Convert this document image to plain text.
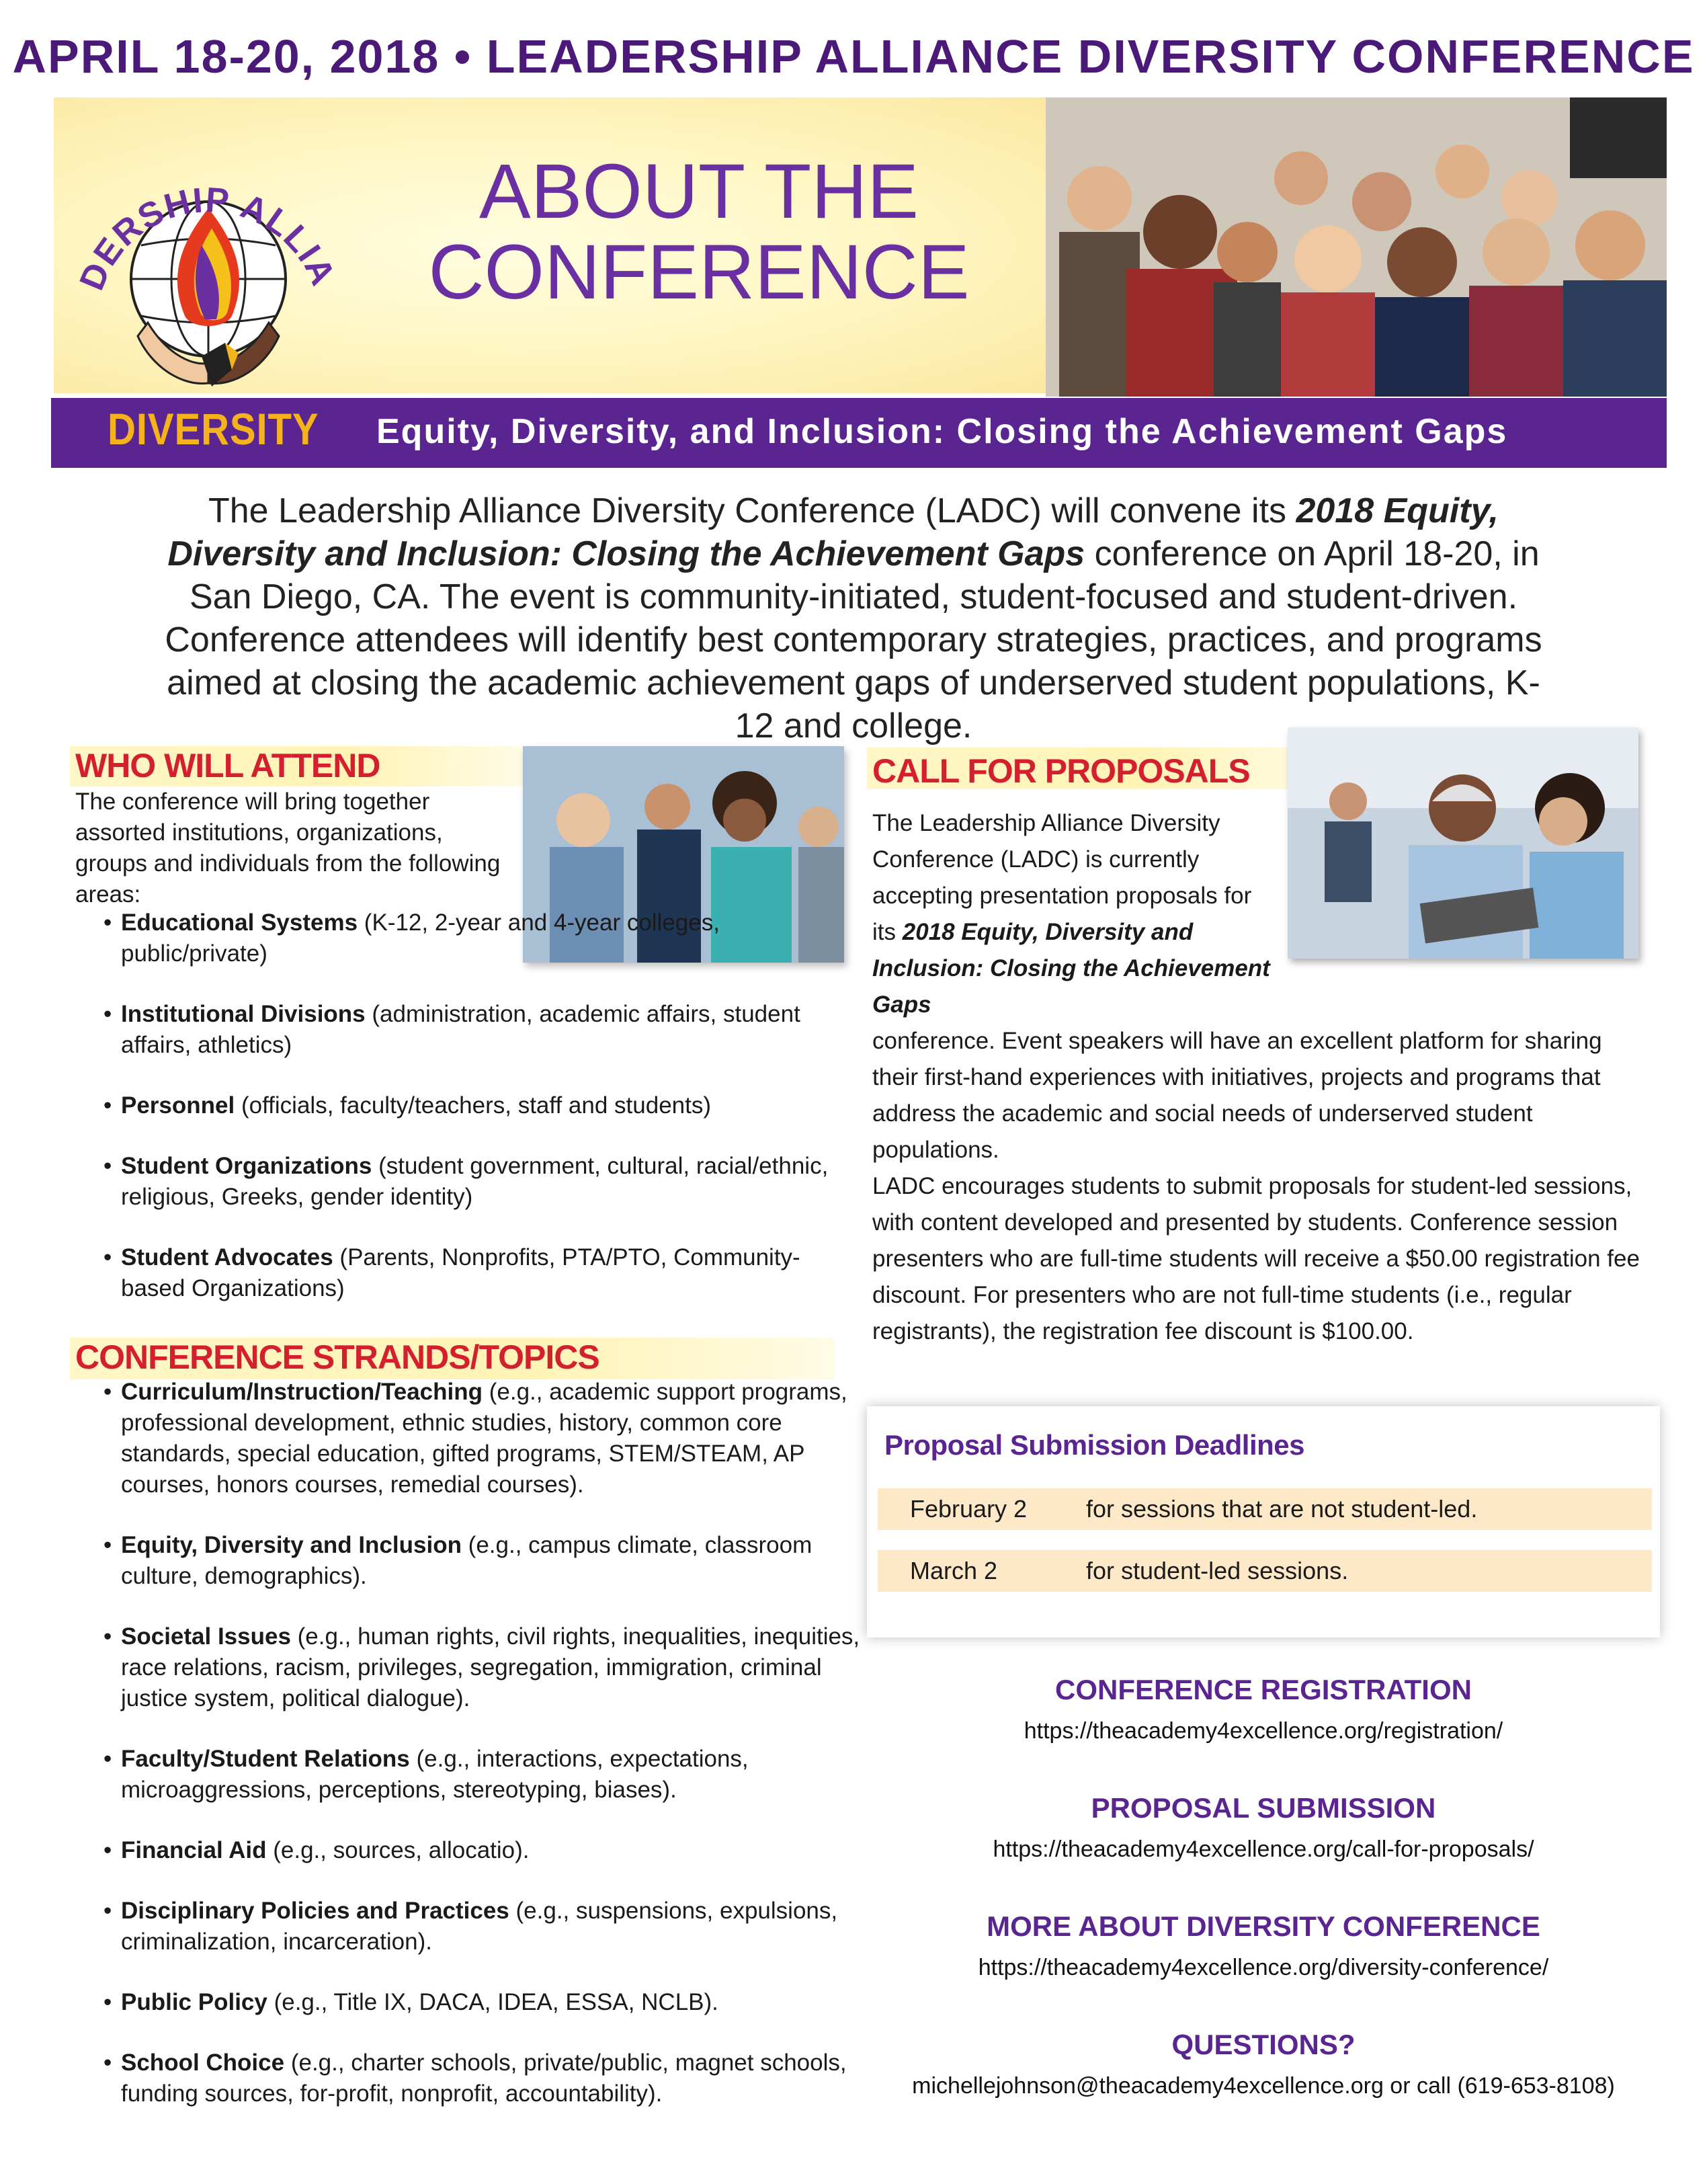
APRIL 18-20, 2018 • LEADERSHIP ALLIANCE DIVERSITY CONFERENCE
ABOUT THE
CONFERENCE
DERSHIP ALLIA
DIVERSITY Equity, Diversity, and Inclusion: Closing the Achievement Gaps

The Leadership Alliance Diversity Conference (LADC) will convene its 2018 Equity, Diversity and Inclusion: Closing the Achievement Gaps conference on April 18-20, in San Diego, CA. The event is community-initiated, student-focused and student-driven. Conference attendees will identify best contemporary strategies, practices, and programs aimed at closing the academic achievement gaps of underserved student populations, K-12 and college.

WHO WILL ATTEND

The conference will bring together assorted institutions, organizations, groups and individuals from the following areas:

• Educational Systems (K-12, 2-year and 4-year colleges, public/private)
• Institutional Divisions (administration, academic affairs, student affairs, athletics)
• Personnel (officials, faculty/teachers, staff and students)
• Student Organizations (student government, cultural, racial/ethnic, religious, Greeks, gender identity)
• Student Advocates (Parents, Nonprofits, PTA/PTO, Community-based Organizations)
CONFERENCE STRANDS/TOPICS
• Curriculum/Instruction/Teaching (e.g., academic support programs, professional development, ethnic studies, history, common core standards, special education, gifted programs, STEM/STEAM, AP courses, honors courses, remedial courses).
• Equity, Diversity and Inclusion (e.g., campus climate, classroom culture, demographics).
• Societal Issues (e.g., human rights, civil rights, inequalities, inequities, race relations, racism, privileges, segregation, immigration, criminal justice system, political dialogue).
• Faculty/Student Relations (e.g., interactions, expectations, microaggressions, perceptions, stereotyping, biases).
• Financial Aid (e.g., sources, allocatio).
• Disciplinary Policies and Practices (e.g., suspensions, expulsions, criminalization, incarceration).
• Public Policy (e.g., Title IX, DACA, IDEA, ESSA, NCLB).
• School Choice (e.g., charter schools, private/public, magnet schools, funding sources, for-profit, nonprofit, accountability).
CALL FOR PROPOSALS

The Leadership Alliance Diversity Conference (LADC) is currently accepting presentation proposals for its 2018 Equity, Diversity and Inclusion: Closing the Achievement Gaps
conference. Event speakers will have an excellent platform for sharing their first-hand experiences with initiatives, projects and programs that address the academic and social needs of underserved student populations.

LADC encourages students to submit proposals for student-led sessions, with content developed and presented by students. Conference session presenters who are full-time students will receive a $50.00 registration fee discount. For presenters who are not full-time students (i.e., regular registrants), the registration fee discount is $100.00.

Proposal Submission Deadlines
February 2 for sessions that are not student-led.
March 2	for student-led sessions.
CONFERENCE REGISTRATION
https://theacademy4excellence.org/registration/
PROPOSAL SUBMISSION
https://theacademy4excellence.org/call-for-proposals/
MORE ABOUT DIVERSITY CONFERENCE
https://theacademy4excellence.org/diversity-conference/
QUESTIONS?
michellejohnson@theacademy4excellence.org or call (619-653-8108)
